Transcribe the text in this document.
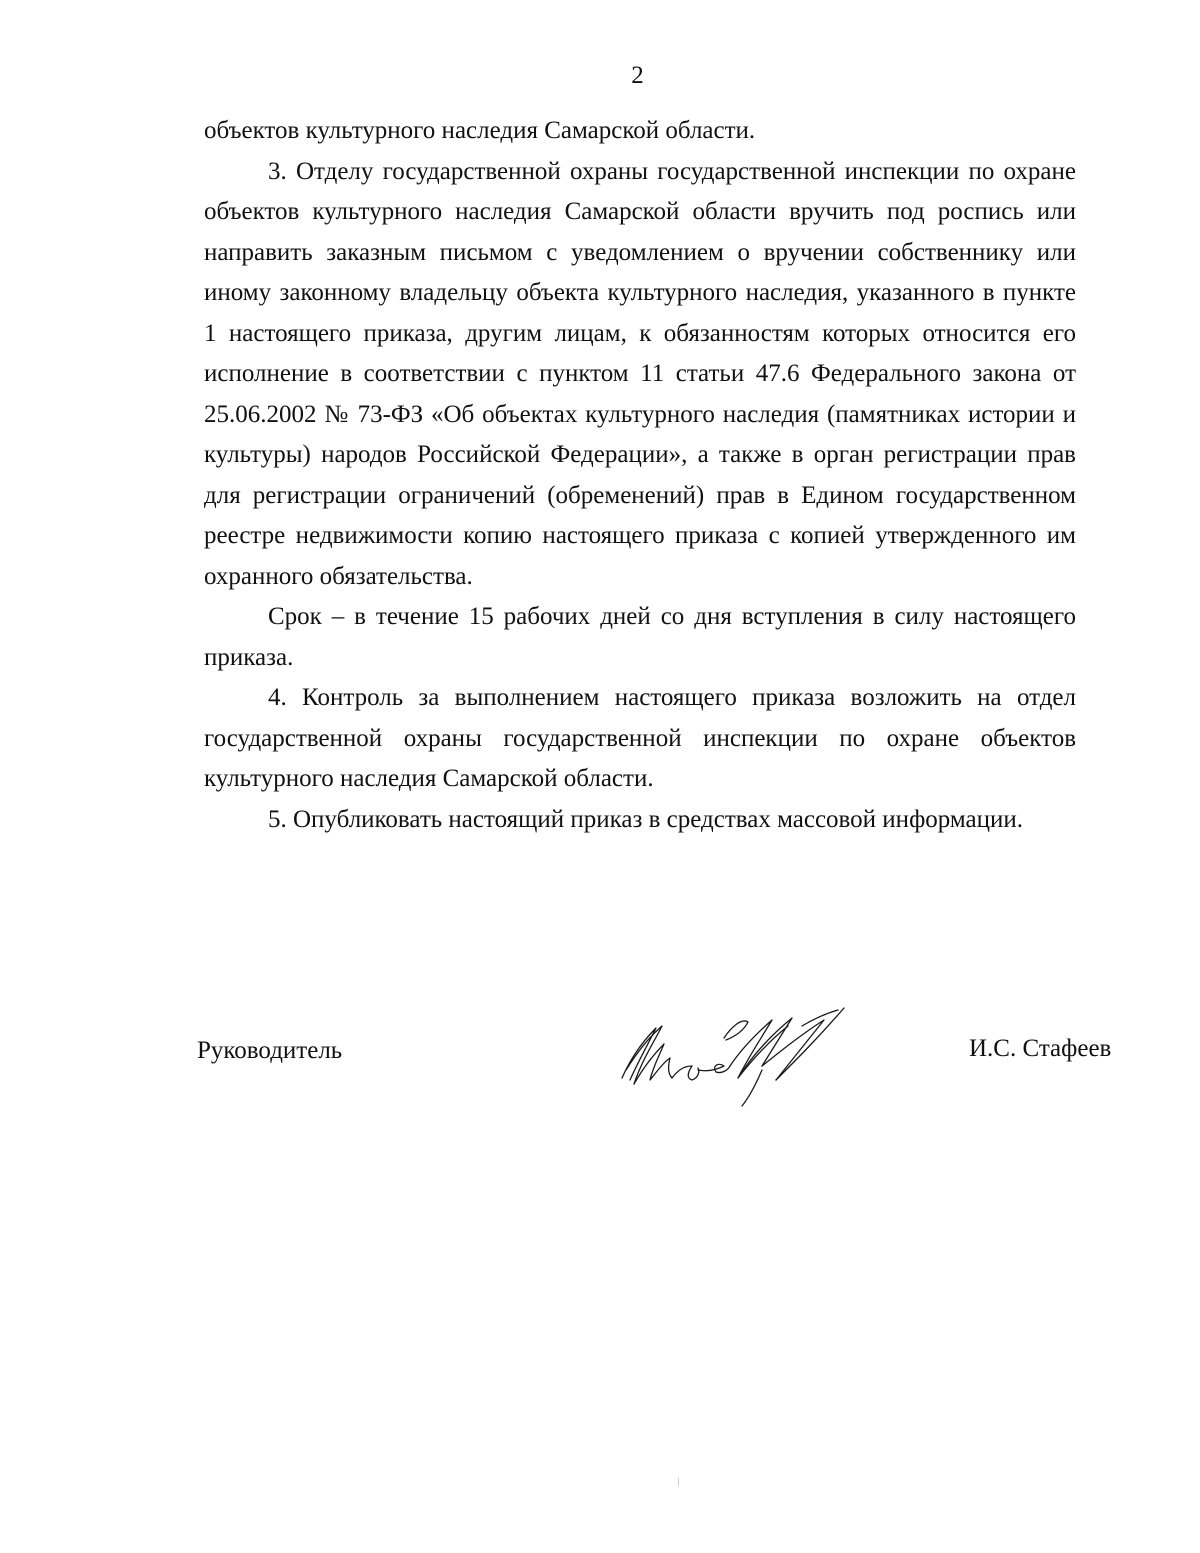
2

объектов культурного наследия Самарской области.

3. Отделу государственной охраны государственной инспекции по охране объектов культурного наследия Самарской области вручить под роспись или направить заказным письмом с уведомлением о вручении собственнику или иному законному владельцу объекта культурного наследия, указанного в пункте 1 настоящего приказа, другим лицам, к обязанностям которых относится его исполнение в соответствии с пунктом 11 статьи 47.6 Федерального закона от 25.06.2002 № 73-ФЗ «Об объектах культурного наследия (памятниках истории и культуры) народов Российской Федерации», а также в орган регистрации прав для регистрации ограничений (обременений) прав в Едином государственном реестре недвижимости копию настоящего приказа с копией утвержденного им охранного обязательства.

Срок – в течение 15 рабочих дней со дня вступления в силу настоящего приказа.

4. Контроль за выполнением настоящего приказа возложить на отдел государственной охраны государственной инспекции по охране объектов культурного наследия Самарской области.

5. Опубликовать настоящий приказ в средствах массовой информации.

Руководитель	И.С. Стафеев
